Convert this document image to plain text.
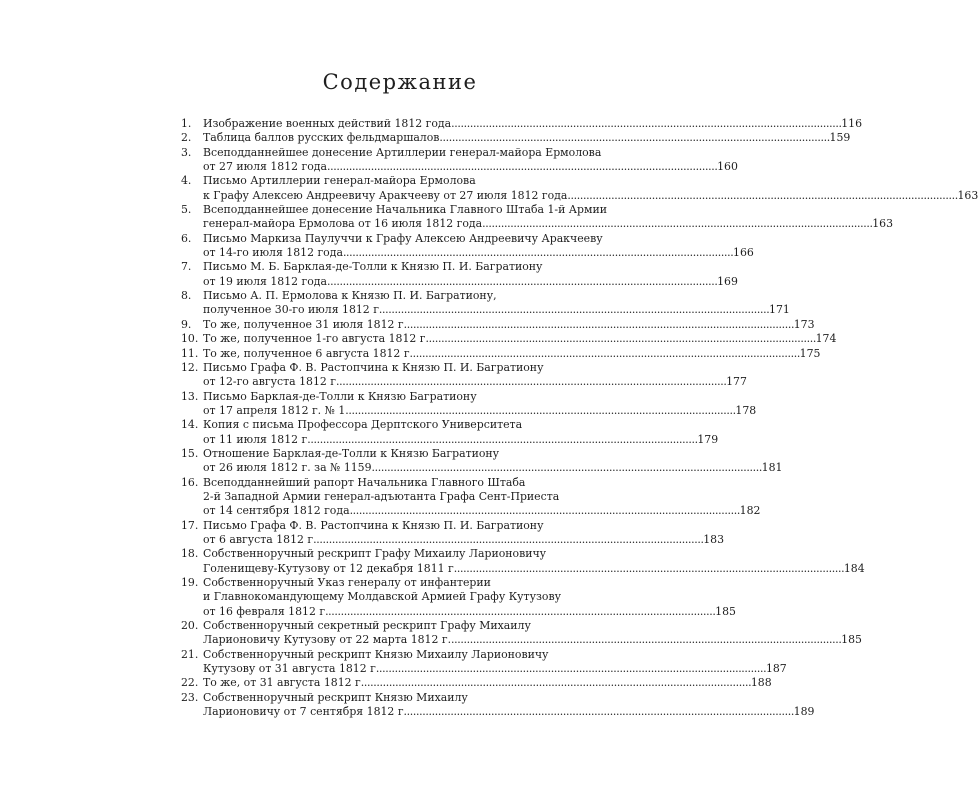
Содержание
1.	Изображение военных действий 1812 года . . .	116
2.	Таблица баллов русских фельдмаршалов . . .	159
3.	Всеподданнейшее донесение Артиллерии генерал-майора Ермолова
от 27 июля 1812 года . . .	160
4.	Письмо Артиллерии генерал-майора Ермолова
к Графу Алексею Андреевичу Аракчееву от 27 июля 1812 года . . .	163
5.	Всеподданнейшее донесение Начальника Главного Штаба 1-й Армии
генерал-майора Ермолова от 16 июля 1812 года . . .	163
6.	Письмо Маркиза Паулуччи к Графу Алексею Андреевичу Аракчееву
от 14-го июля 1812 года . . .	166
7.	Письмо М. Б. Барклая-де-Толли к Князю П. И. Багратиону
от 19 июля 1812 года . . .	169
8.	Письмо А. П. Ермолова к Князю П. И. Багратиону,
полученное 30-го июля 1812 г . . .	171
9.	То же, полученное 31 июля 1812 г . . .	173
10. То же, полученное 1-го августа 1812 г . . .	174
11. То же, полученное 6 августа 1812 г . . .	175
12. Письмо Графа Ф. В. Растопчина к Князю П. И. Багратиону
от 12-го августа 1812 г . . .	177
13. Письмо Барклая-де-Толли к Князю Багратиону
от 17 апреля 1812 г. № 1 . . .	178
14. Копия с письма Профессора Дерптского Университета
от 11 июля 1812 г . . .	179
15. Отношение Барклая-де-Толли к Князю Багратиону
от 26 июля 1812 г. за № 1159 . . .	181
16. Всеподданнейший рапорт Начальника Главного Штаба
2-й Западной Армии генерал-адъютанта Графа Сент-Приеста
от 14 сентября 1812 года . . .	182
17. Письмо Графа Ф. В. Растопчина к Князю П. И. Багратиону
от 6 августа 1812 г . . .	183
18. Собственноручный рескрипт Графу Михаилу Ларионовичу
Голенищеву-Кутузову от 12 декабря 1811 г . . .	184
19. Собственноручный Указ генералу от инфантерии
и Главнокомандующему Молдавской Армией Графу Кутузову
от 16 февраля 1812 г . . .	185
20. Собственноручный секретный рескрипт Графу Михаилу
Ларионовичу Кутузову от 22 марта 1812 г. . . .	185
21. Собственноручный рескрипт Князю Михаилу Ларионовичу
Кутузову от 31 августа 1812 г . . .	187
22. То же, от 31 августа 1812 г . . .	188
23. Собственноручный рескрипт Князю Михаилу
Ларионовичу от 7 сентября 1812 г . . .	189
